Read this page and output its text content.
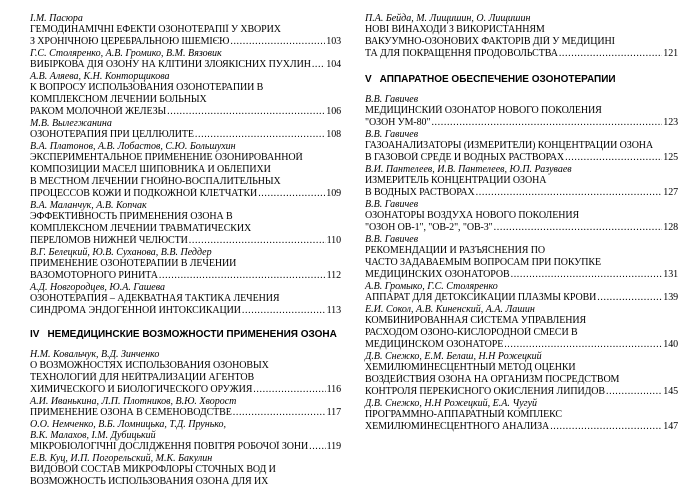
І.М. Пасюра
ГЕМОДИНАМІЧНІ ЕФЕКТИ ОЗОНОТЕРАПІЇ У ХВОРИХ
З ХРОНІЧНОЮ ЦЕРЕБРАЛЬНОЮ ІШЕМІЄЮ .....	103
Г.С. Столяренко, А.В. Громико, В.М. Вязовик
ВИБІРКОВА ДІЯ ОЗОНУ НА КЛІТИНИ ЗЛОЯКІСНИХ ПУХЛИН ..... 104
А.В. Аляева, К.Н. Конторщикова
К ВОПРОСУ ИСПОЛЬЗОВАНИЯ ОЗОНОТЕРАПИИ В
КОМПЛЕКСНОМ ЛЕЧЕНИИ БОЛЬНЫХ
РАКОМ МОЛОЧНОЙ ЖЕЛЕЗЫ .....	106
М.В. Вылегжанина
ОЗОНОТЕРАПИЯ ПРИ ЦЕЛЛЮЛИТЕ .....	108
В.А. Платонов, А.В. Лобастов, С.Ю. Большухин
ЭКСПЕРИМЕНТАЛЬНОЕ ПРИМЕНЕНИЕ ОЗОНИРОВАННОЙ
КОМПОЗИЦИИ МАСЕЛ ШИПОВНИКА И ОБЛЕПИХИ
В МЕСТНОМ ЛЕЧЕНИИ ГНОЙНО-ВОСПАЛИТЕЛЬНЫХ
ПРОЦЕССОВ КОЖИ И ПОДКОЖНОЙ КЛЕТЧАТКИ .....	109
В.А. Маланчук, А.В. Копчак
ЭФФЕКТИВНОСТЬ ПРИМЕНЕНИЯ ОЗОНА В
КОМПЛЕКСНОМ ЛЕЧЕНИИ ТРАВМАТИЧЕСКИХ
ПЕРЕЛОМОВ НИЖНЕЙ ЧЕЛЮСТИ .....	110
В.Г. Белецкий, Ю.В. Суханова, В.В. Педдер
ПРИМЕНЕНИЕ ОЗОНОТЕРАПИИ В ЛЕЧЕНИИ
ВАЗОМОТОРНОГО РИНИТА .....	112
А.Д. Новгородцев, Ю.А. Гашева
ОЗОНОТЕРАПИЯ – АДЕКВАТНАЯ ТАКТИКА ЛЕЧЕНИЯ
СИНДРОМА ЭНДОГЕННОЙ ИНТОКСИКАЦИИ .....	113
IV НЕМЕДИЦИНСКИЕ ВОЗМОЖНОСТИ ПРИМЕНЕНИЯ ОЗОНА
Н.М. Ковальчук, В.Д. Зинченко
О ВОЗМОЖНОСТЯХ ИСПОЛЬЗОВАНИЯ ОЗОНОВЫХ
ТЕХНОЛОГИЙ ДЛЯ НЕЙТРАЛИЗАЦИИ АГЕНТОВ
ХИМИЧЕСКОГО И БИОЛОГИЧЕСКОГО ОРУЖИЯ .....	116
А.И. Иванькина, Л.П. Плотников, В.Ю. Хворост
ПРИМЕНЕНИЕ ОЗОНА В СЕМЕНОВОДСТВЕ .....	117
О.О. Немченко, В.Б. Ломницька, Т.Д. Прунько,
В.К. Малахов, І.М. Дубицький
МІКРОБІОЛОГІЧНІ ДОСЛІДЖЕННЯ ПОВІТРЯ РОБОЧОЇ ЗОНИ ..... 119
Е.В. Куц, И.П. Погорельский, М.К. Бакулин
ВИДОВОЙ СОСТАВ МИКРОФЛОРЫ СТОЧНЫХ ВОД И
ВОЗМОЖНОСТЬ ИСПОЛЬЗОВАНИЯ ОЗОНА ДЛЯ ИХ
П.А. Бейда, М. Лищишин, О. Лищишин
НОВІ ВИНАХОДИ З ВИКОРИСТАННЯМ
ВАКУУМНО-ОЗОНОВИХ ФАКТОРІВ ДІЙ У МЕДИЦИНІ
ТА ДЛЯ ПОКРАЩЕННЯ ПРОДОВОЛЬСТВА .....	121
V АППАРАТНОЕ ОБЕСПЕЧЕНИЕ ОЗОНОТЕРАПИИ
В.В. Гавичев
МЕДИЦИНСКИЙ ОЗОНАТОР НОВОГО ПОКОЛЕНИЯ
"ОЗОН УМ-80" .....	123
В.В. Гавичев
ГАЗОАНАЛИЗАТОРЫ (ИЗМЕРИТЕЛИ) КОНЦЕНТРАЦИИ ОЗОНА
В ГАЗОВОЙ СРЕДЕ И ВОДНЫХ РАСТВОРАХ .....	125
В.И. Пантелеев, И.В. Пантелеев, Ю.П. Разуваев
ИЗМЕРИТЕЛЬ КОНЦЕНТРАЦИИ ОЗОНА
В ВОДНЫХ РАСТВОРАХ .....	127
В.В. Гавичев
ОЗОНАТОРЫ ВОЗДУХА НОВОГО ПОКОЛЕНИЯ
"ОЗОН ОВ-1", "ОВ-2", "ОВ-3" .....	128
В.В. Гавичев
РЕКОМЕНДАЦИИ И РАЗЪЯСНЕНИЯ ПО
ЧАСТО ЗАДАВАЕМЫМ ВОПРОСАМ ПРИ ПОКУПКЕ
МЕДИЦИНСКИХ ОЗОНАТОРОВ .....	131
А.В. Громыко, Г.С. Столяренко
АППАРАТ ДЛЯ ДЕТОКСИКАЦИИ ПЛАЗМЫ КРОВИ .....	139
Е.И. Сокол, А.В. Киненский, А.А. Лашин
КОМБИНИРОВАННАЯ СИСТЕМА УПРАВЛЕНИЯ
РАСХОДОМ ОЗОНО-КИСЛОРОДНОЙ СМЕСИ В
МЕДИЦИНСКОМ ОЗОНАТОРЕ .....	140
Д.В. Снежко, Е.М. Белаш, Н.Н Рожецкий
ХЕМИЛЮМИНЕСЦЕНТНЫЙ МЕТОД ОЦЕНКИ
ВОЗДЕЙСТВИЯ ОЗОНА НА ОРГАНИЗМ ПОСРЕДСТВОМ
КОНТРОЛЯ ПЕРЕКИСНОГО ОКИСЛЕНИЯ ЛИПИДОВ .....	145
Д.В. Снежко, Н.Н Рожецкий, Е.А. Чугуй
ПРОГРАММНО-АППАРАТНЫЙ КОМПЛЕКС
ХЕМИЛЮМИНЕСЦЕНТНОГО АНАЛИЗА .....	147
